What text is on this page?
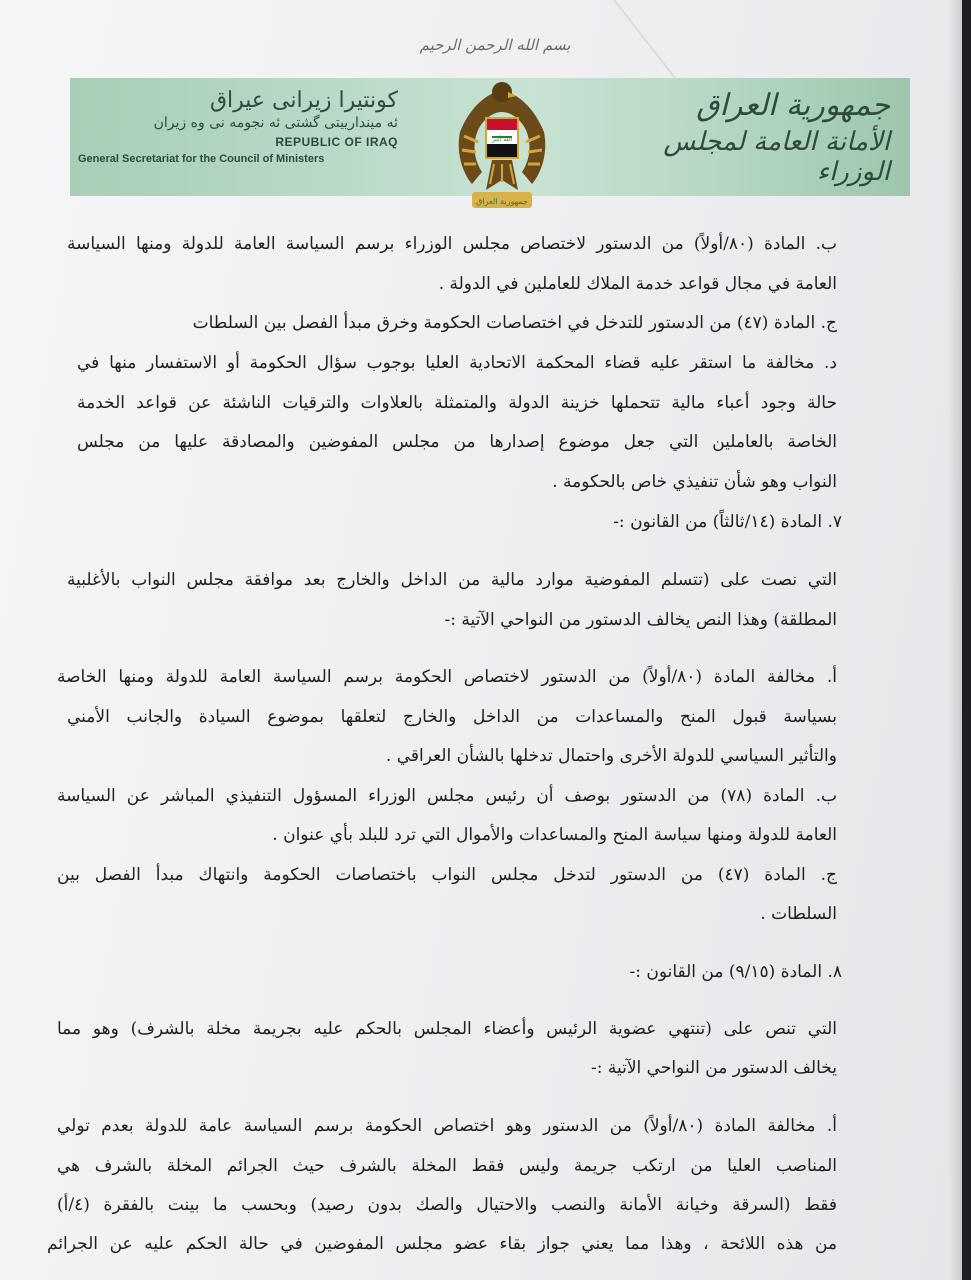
بسم الله الرحمن الرحيم
كونتيرا زيرانى عيراق
ئه ميندارييتى گشتى ئه نجومه نى وه زيران
REPUBLIC OF IRAQ
General Secretariat for the Council of Ministers
جمهورية العراق
الله أكبر
جمهورية العراق
الأمانة العامة لمجلس الوزراء
ب. المادة (٨٠/أولاً) من الدستور لاختصاص مجلس الوزراء برسم السياسة العامة للدولة ومنها السياسة
العامة في مجال قواعد خدمة الملاك للعاملين في الدولة .
ج. المادة (٤٧) من الدستور للتدخل في اختصاصات الحكومة وخرق مبدأ الفصل بين السلطات
د. مخالفة ما استقر عليه قضاء المحكمة الاتحادية العليا بوجوب سؤال الحكومة أو الاستفسار منها في
حالة وجود أعباء مالية تتحملها خزينة الدولة والمتمثلة بالعلاوات والترقيات الناشئة عن قواعد الخدمة
الخاصة بالعاملين التي جعل موضوع إصدارها من مجلس المفوضين والمصادقة عليها من مجلس
النواب وهو شأن تنفيذي خاص بالحكومة .
٧. المادة (١٤/ثالثاً) من القانون :-
التي نصت على (تتسلم المفوضية موارد مالية من الداخل والخارج بعد موافقة مجلس النواب بالأغلبية
المطلقة) وهذا النص يخالف الدستور من النواحي الآتية :-
أ. مخالفة المادة (٨٠/أولاً) من الدستور لاختصاص الحكومة برسم السياسة العامة للدولة ومنها الخاصة
بسياسة قبول المنح والمساعدات من الداخل والخارج لتعلقها بموضوع السيادة والجانب الأمني
والتأثير السياسي للدولة الأخرى واحتمال تدخلها بالشأن العراقي .
ب. المادة (٧٨) من الدستور بوصف أن رئيس مجلس الوزراء المسؤول التنفيذي المباشر عن السياسة
العامة للدولة ومنها سياسة المنح والمساعدات والأموال التي ترد للبلد بأي عنوان .
ج. المادة (٤٧) من الدستور لتدخل مجلس النواب باختصاصات الحكومة وانتهاك مبدأ الفصل بين
السلطات .
٨. المادة (٩/١٥) من القانون :-
التي تنص على (تنتهي عضوية الرئيس وأعضاء المجلس بالحكم عليه بجريمة مخلة بالشرف) وهو مما
يخالف الدستور من النواحي الآتية :-
أ. مخالفة المادة (٨٠/أولاً) من الدستور وهو اختصاص الحكومة برسم السياسة عامة للدولة بعدم تولي
المناصب العليا من ارتكب جريمة وليس فقط المخلة بالشرف حيث الجرائم المخلة بالشرف هي
فقط (السرقة وخيانة الأمانة والنصب والاحتيال والصك بدون رصيد) وبحسب ما بينت بالفقرة (٤/أ)
من هذه اللائحة ، وهذا مما يعني جواز بقاء عضو مجلس المفوضين في حالة الحكم عليه عن الجرائم
